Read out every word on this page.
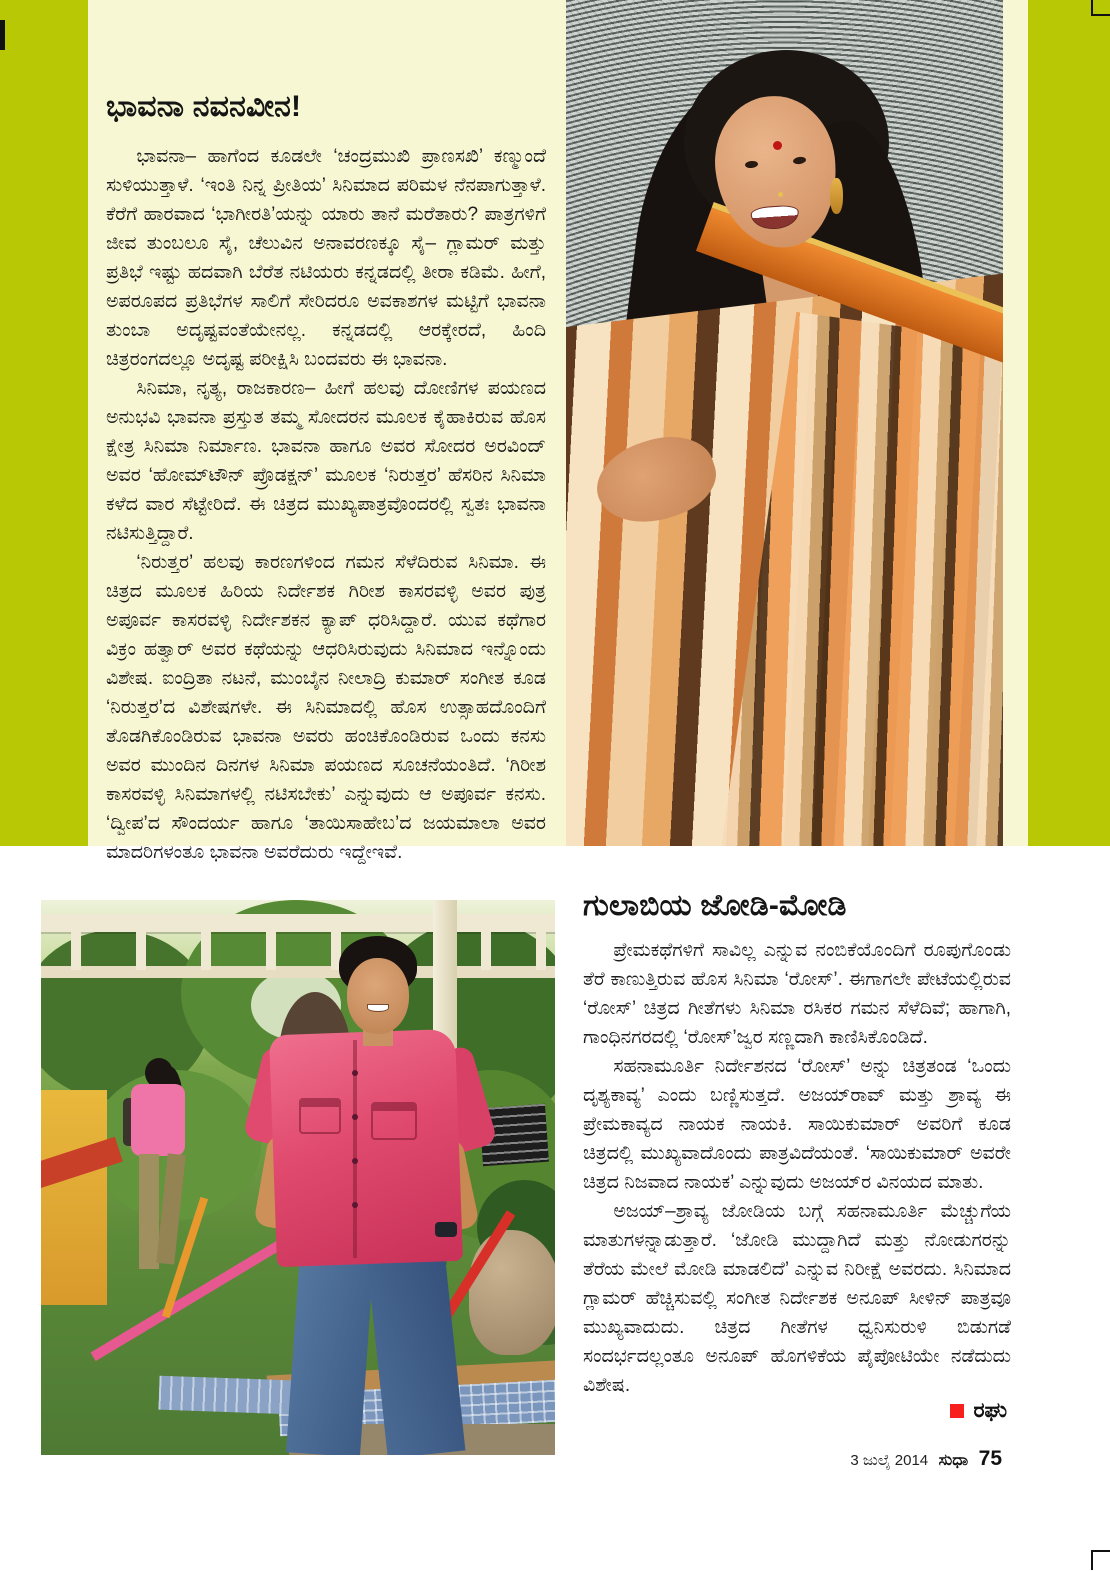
ಭಾವನಾ ನವನವೀನ!

ಭಾವನಾ– ಹಾಗೆಂದ ಕೂಡಲೇ ‘ಚಂದ್ರಮುಖಿ ಪ್ರಾಣಸಖಿ’ ಕಣ್ಮುಂದೆ ಸುಳಿಯುತ್ತಾಳೆ. ‘ಇಂತಿ ನಿನ್ನ ಪ್ರೀತಿಯ’ ಸಿನಿಮಾದ ಪರಿಮಳ ನೆನಪಾಗುತ್ತಾಳೆ. ಕೆರೆಗೆ ಹಾರವಾದ ‘ಭಾಗೀರತಿ’ಯನ್ನು ಯಾರು ತಾನೆ ಮರೆತಾರು? ಪಾತ್ರಗಳಿಗೆ ಜೀವ ತುಂಬಲೂ ಸೈ, ಚೆಲುವಿನ ಅನಾವರಣಕ್ಕೂ ಸೈ– ಗ್ಲಾಮರ್ ಮತ್ತು ಪ್ರತಿಭೆ ಇಷ್ಟು ಹದವಾಗಿ ಬೆರೆತ ನಟಿಯರು ಕನ್ನಡದಲ್ಲಿ ತೀರಾ ಕಡಿಮೆ. ಹೀಗೆ, ಅಪರೂಪದ ಪ್ರತಿಭೆಗಳ ಸಾಲಿಗೆ ಸೇರಿದರೂ ಅವಕಾಶಗಳ ಮಟ್ಟಿಗೆ ಭಾವನಾ ತುಂಬಾ ಅದೃಷ್ಟವಂತೆಯೇನಲ್ಲ. ಕನ್ನಡದಲ್ಲಿ ಆರಕ್ಕೇರದೆ, ಹಿಂದಿ ಚಿತ್ರರಂಗದಲ್ಲೂ ಅದೃಷ್ಟ ಪರೀಕ್ಷಿಸಿ ಬಂದವರು ಈ ಭಾವನಾ.

ಸಿನಿಮಾ, ನೃತ್ಯ, ರಾಜಕಾರಣ– ಹೀಗೆ ಹಲವು ದೋಣಿಗಳ ಪಯಣದ ಅನುಭವಿ ಭಾವನಾ ಪ್ರಸ್ತುತ ತಮ್ಮ ಸೋದರನ ಮೂಲಕ ಕೈಹಾಕಿರುವ ಹೊಸ ಕ್ಷೇತ್ರ ಸಿನಿಮಾ ನಿರ್ಮಾಣ. ಭಾವನಾ ಹಾಗೂ ಅವರ ಸೋದರ ಅರವಿಂದ್ ಅವರ ‘ಹೋಮ್‌ಟೌನ್ ಪ್ರೊಡಕ್ಷನ್’ ಮೂಲಕ ‘ನಿರುತ್ತರ’ ಹೆಸರಿನ ಸಿನಿಮಾ ಕಳೆದ ವಾರ ಸೆಟ್ಟೇರಿದೆ. ಈ ಚಿತ್ರದ ಮುಖ್ಯಪಾತ್ರವೊಂದರಲ್ಲಿ ಸ್ವತಃ ಭಾವನಾ ನಟಿಸುತ್ತಿದ್ದಾರೆ.

‘ನಿರುತ್ತರ’ ಹಲವು ಕಾರಣಗಳಿಂದ ಗಮನ ಸೆಳೆದಿರುವ ಸಿನಿಮಾ. ಈ ಚಿತ್ರದ ಮೂಲಕ ಹಿರಿಯ ನಿರ್ದೇಶಕ ಗಿರೀಶ ಕಾಸರವಳ್ಳಿ ಅವರ ಪುತ್ರ ಅಪೂರ್ವ ಕಾಸರವಳ್ಳಿ ನಿರ್ದೇಶಕನ ಕ್ಯಾಪ್ ಧರಿಸಿದ್ದಾರೆ. ಯುವ ಕಥೆಗಾರ ವಿಕ್ರಂ ಹತ್ವಾರ್ ಅವರ ಕಥೆಯನ್ನು ಆಧರಿಸಿರುವುದು ಸಿನಿಮಾದ ಇನ್ನೊಂದು ವಿಶೇಷ. ಐಂದ್ರಿತಾ ನಟನೆ, ಮುಂಬೈನ ನೀಲಾದ್ರಿ ಕುಮಾರ್ ಸಂಗೀತ ಕೂಡ ‘ನಿರುತ್ತರ’ದ ವಿಶೇಷಗಳೇ. ಈ ಸಿನಿಮಾದಲ್ಲಿ ಹೊಸ ಉತ್ಸಾಹದೊಂದಿಗೆ ತೊಡಗಿಕೊಂಡಿರುವ ಭಾವನಾ ಅವರು ಹಂಚಿಕೊಂಡಿರುವ ಒಂದು ಕನಸು ಅವರ ಮುಂದಿನ ದಿನಗಳ ಸಿನಿಮಾ ಪಯಣದ ಸೂಚನೆಯಂತಿದೆ. ‘ಗಿರೀಶ ಕಾಸರವಳ್ಳಿ ಸಿನಿಮಾಗಳಲ್ಲಿ ನಟಿಸಬೇಕು’ ಎನ್ನುವುದು ಆ ಅಪೂರ್ವ ಕನಸು. ‘ದ್ವೀಪ’ದ ಸೌಂದರ್ಯ ಹಾಗೂ ‘ತಾಯಿಸಾಹೇಬ’ದ ಜಯಮಾಲಾ ಅವರ ಮಾದರಿಗಳಂತೂ ಭಾವನಾ ಅವರೆದುರು ಇದ್ದೇಇವೆ.

ಗುಲಾಬಿಯ ಜೋಡಿ-ಮೋಡಿ

ಪ್ರೇಮಕಥೆಗಳಿಗೆ ಸಾವಿಲ್ಲ ಎನ್ನುವ ನಂಬಿಕೆಯೊಂದಿಗೆ ರೂಪುಗೊಂಡು ತೆರೆ ಕಾಣುತ್ತಿರುವ ಹೊಸ ಸಿನಿಮಾ ‘ರೋಸ್’. ಈಗಾಗಲೇ ಪೇಟೆಯಲ್ಲಿರುವ ‘ರೋಸ್’ ಚಿತ್ರದ ಗೀತೆಗಳು ಸಿನಿಮಾ ರಸಿಕರ ಗಮನ ಸೆಳೆದಿವೆ; ಹಾಗಾಗಿ, ಗಾಂಧಿನಗರದಲ್ಲಿ ‘ರೋಸ್’ಜ್ವರ ಸಣ್ಣದಾಗಿ ಕಾಣಿಸಿಕೊಂಡಿದೆ.

ಸಹನಾಮೂರ್ತಿ ನಿರ್ದೇಶನದ ‘ರೋಸ್’ ಅನ್ನು ಚಿತ್ರತಂಡ ‘ಒಂದು ದೃಶ್ಯಕಾವ್ಯ’ ಎಂದು ಬಣ್ಣಿಸುತ್ತದೆ. ಅಜಯ್‌ರಾವ್ ಮತ್ತು ಶ್ರಾವ್ಯ ಈ ಪ್ರೇಮಕಾವ್ಯದ ನಾಯಕ ನಾಯಕಿ. ಸಾಯಿಕುಮಾರ್ ಅವರಿಗೆ ಕೂಡ ಚಿತ್ರದಲ್ಲಿ ಮುಖ್ಯವಾದೊಂದು ಪಾತ್ರವಿದೆಯಂತೆ. ‘ಸಾಯಿಕುಮಾರ್ ಅವರೇ ಚಿತ್ರದ ನಿಜವಾದ ನಾಯಕ’ ಎನ್ನುವುದು ಅಜಯ್‌ರ ವಿನಯದ ಮಾತು.

ಅಜಯ್–ಶ್ರಾವ್ಯ ಜೋಡಿಯ ಬಗ್ಗೆ ಸಹನಾಮೂರ್ತಿ ಮೆಚ್ಚುಗೆಯ ಮಾತುಗಳನ್ನಾಡುತ್ತಾರೆ. ‘ಜೋಡಿ ಮುದ್ದಾಗಿದೆ ಮತ್ತು ನೋಡುಗರನ್ನು ತೆರೆಯ ಮೇಲೆ ಮೋಡಿ ಮಾಡಲಿದೆ’ ಎನ್ನುವ ನಿರೀಕ್ಷೆ ಅವರದು. ಸಿನಿಮಾದ ಗ್ಲಾಮರ್ ಹೆಚ್ಚಿಸುವಲ್ಲಿ ಸಂಗೀತ ನಿರ್ದೇಶಕ ಅನೂಪ್ ಸೀಳಿನ್ ಪಾತ್ರವೂ ಮುಖ್ಯವಾದುದು. ಚಿತ್ರದ ಗೀತೆಗಳ ಧ್ವನಿಸುರುಳಿ ಬಿಡುಗಡೆ ಸಂದರ್ಭದಲ್ಲಂತೂ ಅನೂಪ್ ಹೊಗಳಿಕೆಯ ಪೈಪೋಟಿಯೇ ನಡೆದುದು ವಿಶೇಷ.

ರಘು
3 ಜುಲೈ 2014 ಸುಧಾ 75
